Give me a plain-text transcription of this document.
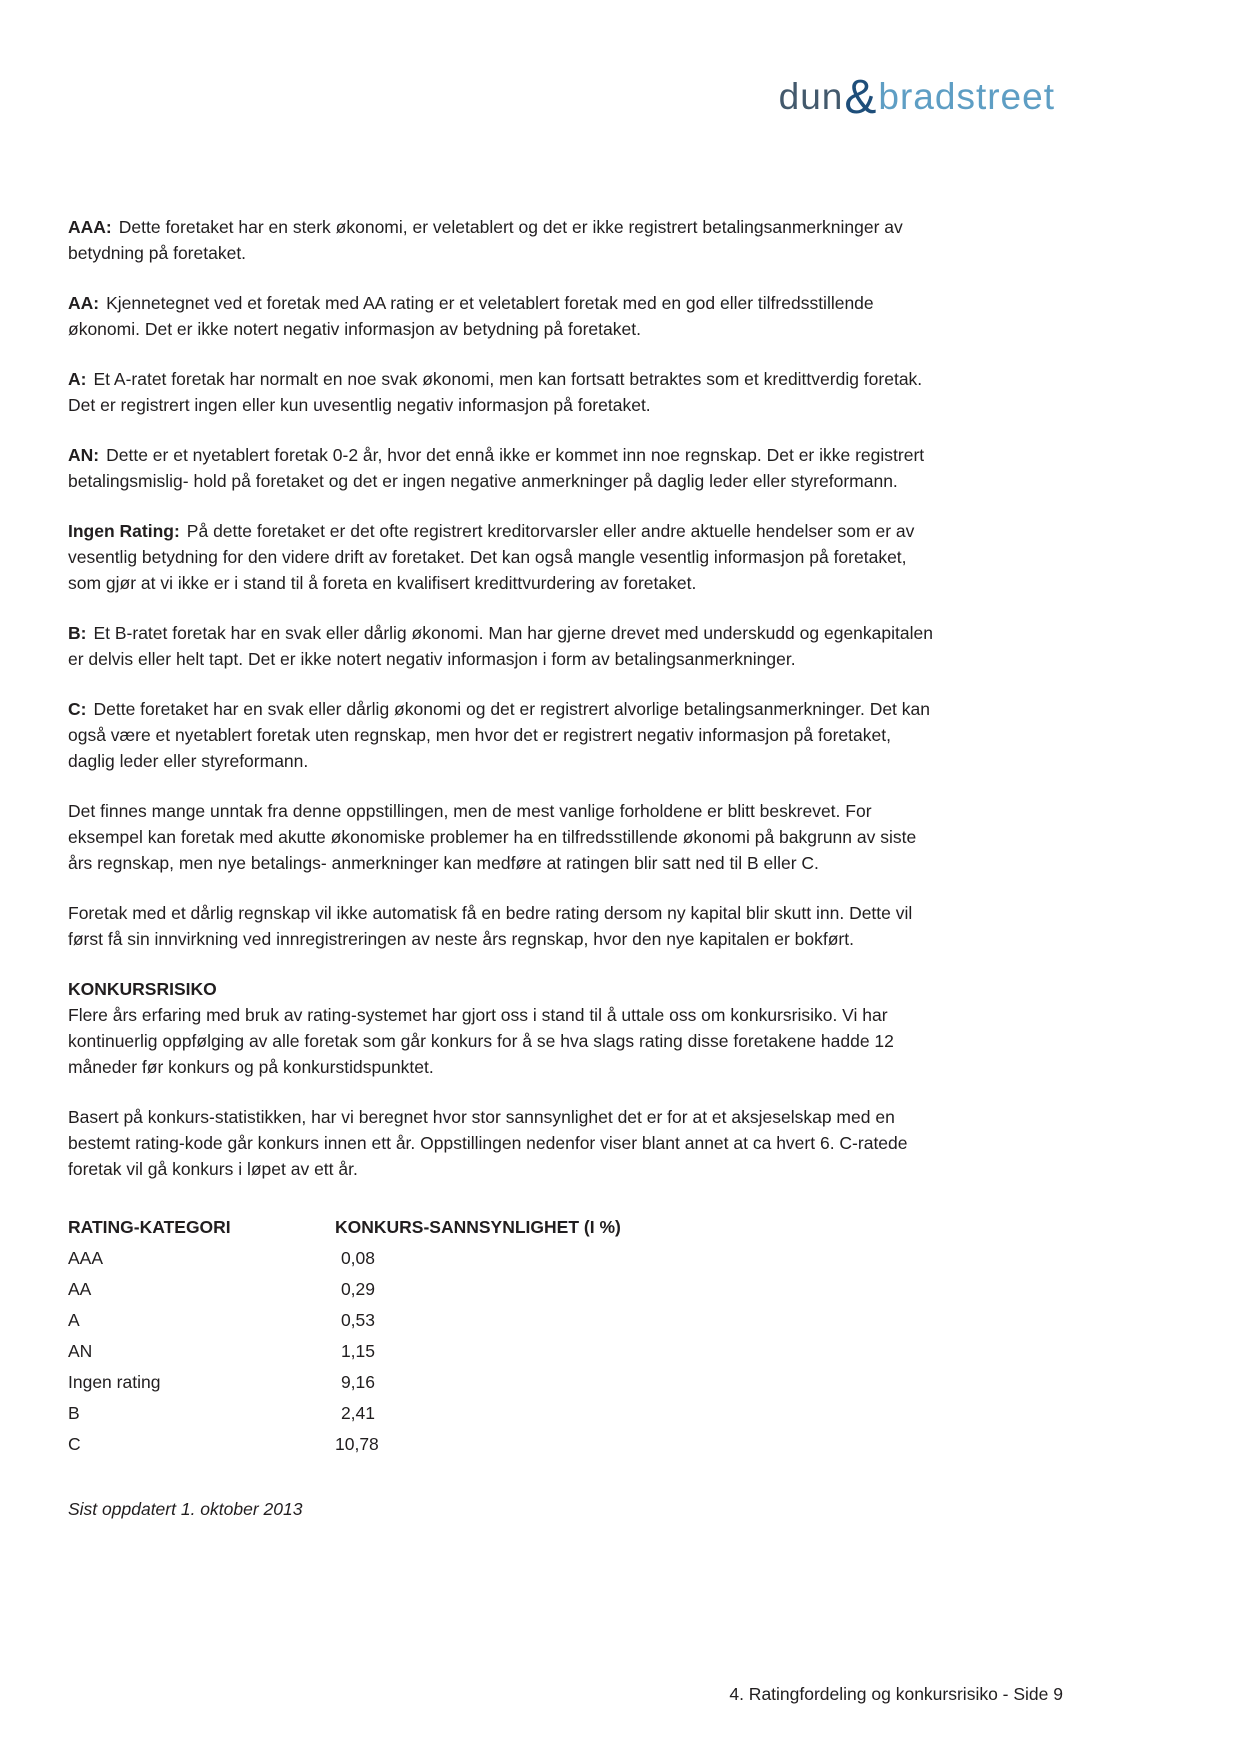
dun&bradstreet

AAA: Dette foretaket har en sterk økonomi, er veletablert og det er ikke registrert betalingsanmerkninger av betydning på foretaket.

AA: Kjennetegnet ved et foretak med AA rating er et veletablert foretak med en god eller tilfredsstillende økonomi. Det er ikke notert negativ informasjon av betydning på foretaket.

A: Et A-ratet foretak har normalt en noe svak økonomi, men kan fortsatt betraktes som et kredittverdig foretak. Det er registrert ingen eller kun uvesentlig negativ informasjon på foretaket.

AN: Dette er et nyetablert foretak 0-2 år, hvor det ennå ikke er kommet inn noe regnskap. Det er ikke registrert betalingsmislig- hold på foretaket og det er ingen negative anmerkninger på daglig leder eller styreformann.

Ingen Rating: På dette foretaket er det ofte registrert kreditorvarsler eller andre aktuelle hendelser som er av vesentlig betydning for den videre drift av foretaket. Det kan også mangle vesentlig informasjon på foretaket, som gjør at vi ikke er i stand til å foreta en kvalifisert kredittvurdering av foretaket.

B: Et B-ratet foretak har en svak eller dårlig økonomi. Man har gjerne drevet med underskudd og egenkapitalen er delvis eller helt tapt. Det er ikke notert negativ informasjon i form av betalingsanmerkninger.

C: Dette foretaket har en svak eller dårlig økonomi og det er registrert alvorlige betalingsanmerkninger. Det kan også være et nyetablert foretak uten regnskap, men hvor det er registrert negativ informasjon på foretaket, daglig leder eller styreformann.

Det finnes mange unntak fra denne oppstillingen, men de mest vanlige forholdene er blitt beskrevet. For eksempel kan foretak med akutte økonomiske problemer ha en tilfredsstillende økonomi på bakgrunn av siste års regnskap, men nye betalings- anmerkninger kan medføre at ratingen blir satt ned til B eller C.

Foretak med et dårlig regnskap vil ikke automatisk få en bedre rating dersom ny kapital blir skutt inn. Dette vil først få sin innvirkning ved innregistreringen av neste års regnskap, hvor den nye kapitalen er bokført.

KONKURSRISIKO

Flere års erfaring med bruk av rating-systemet har gjort oss i stand til å uttale oss om konkursrisiko. Vi har kontinuerlig oppfølging av alle foretak som går konkurs for å se hva slags rating disse foretakene hadde 12 måneder før konkurs og på konkurstidspunktet.

Basert på konkurs-statistikken, har vi beregnet hvor stor sannsynlighet det er for at et aksjeselskap med en bestemt rating-kode går konkurs innen ett år. Oppstillingen nedenfor viser blant annet at ca hvert 6. C-ratede foretak vil gå konkurs i løpet av ett år.

RATING-KATEGORI	KONKURS-SANNSYNLIGHET (I %)
AAA	0,08
AA	0,29
A	0,53
AN	1,15
Ingen rating	9,16
B	2,41
C	10,78

Sist oppdatert 1. oktober 2013

4. Ratingfordeling og konkursrisiko - Side 9
